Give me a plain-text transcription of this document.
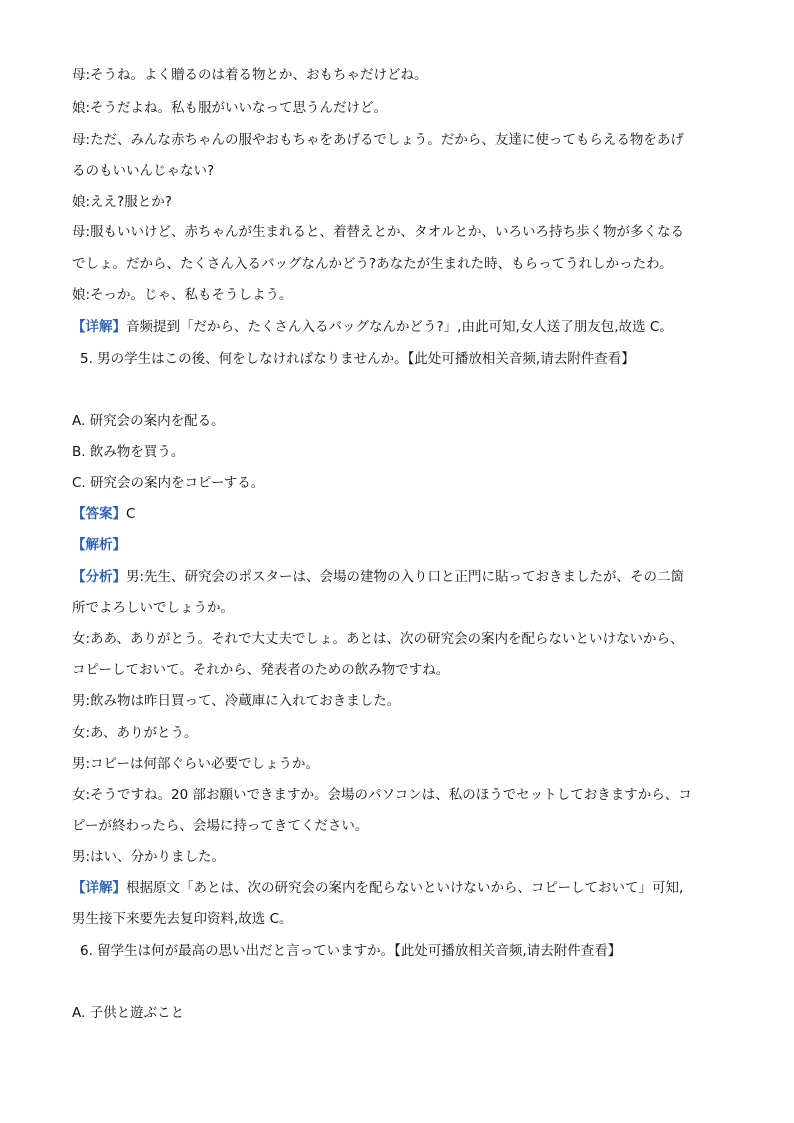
母:そうね。よく贈るのは着る物とか、おもちゃだけどね。
娘:そうだよね。私も服がいいなって思うんだけど。
母:ただ、みんな赤ちゃんの服やおもちゃをあげるでしょう。だから、友達に使ってもらえる物をあげ
るのもいいんじゃない?
娘:ええ?服とか?
母:服もいいけど、赤ちゃんが生まれると、着替えとか、タオルとか、いろいろ持ち歩く物が多くなる
でしょ。だから、たくさん入るバッグなんかどう?あなたが生まれた時、もらってうれしかったわ。
娘:そっか。じゃ、私もそうしよう。
【详解】音频提到「だから、たくさん入るバッグなんかどう?」,由此可知,女人送了朋友包,故选 C。
5. 男の学生はこの後、何をしなければなりませんか。【此处可播放相关音频,请去附件查看】
A. 研究会の案内を配る。
B. 飲み物を買う。
C. 研究会の案内をコピーする。
【答案】C
【解析】
【分析】男:先生、研究会のポスターは、会場の建物の入り口と正門に貼っておきましたが、その二箇
所でよろしいでしょうか。
女:ああ、ありがとう。それで大丈夫でしょ。あとは、次の研究会の案内を配らないといけないから、
コピーしておいて。それから、発表者のための飲み物ですね。
男:飲み物は昨日買って、冷蔵庫に入れておきました。
女:あ、ありがとう。
男:コピーは何部ぐらい必要でしょうか。
女:そうですね。20 部お願いできますか。会場のパソコンは、私のほうでセットしておきますから、コ
ピーが終わったら、会場に持ってきてください。
男:はい、分かりました。
【详解】根据原文「あとは、次の研究会の案内を配らないといけないから、コピーしておいて」可知,
男生接下来要先去复印资料,故选 C。
6. 留学生は何が最高の思い出だと言っていますか。【此处可播放相关音频,请去附件查看】
A. 子供と遊ぶこと
